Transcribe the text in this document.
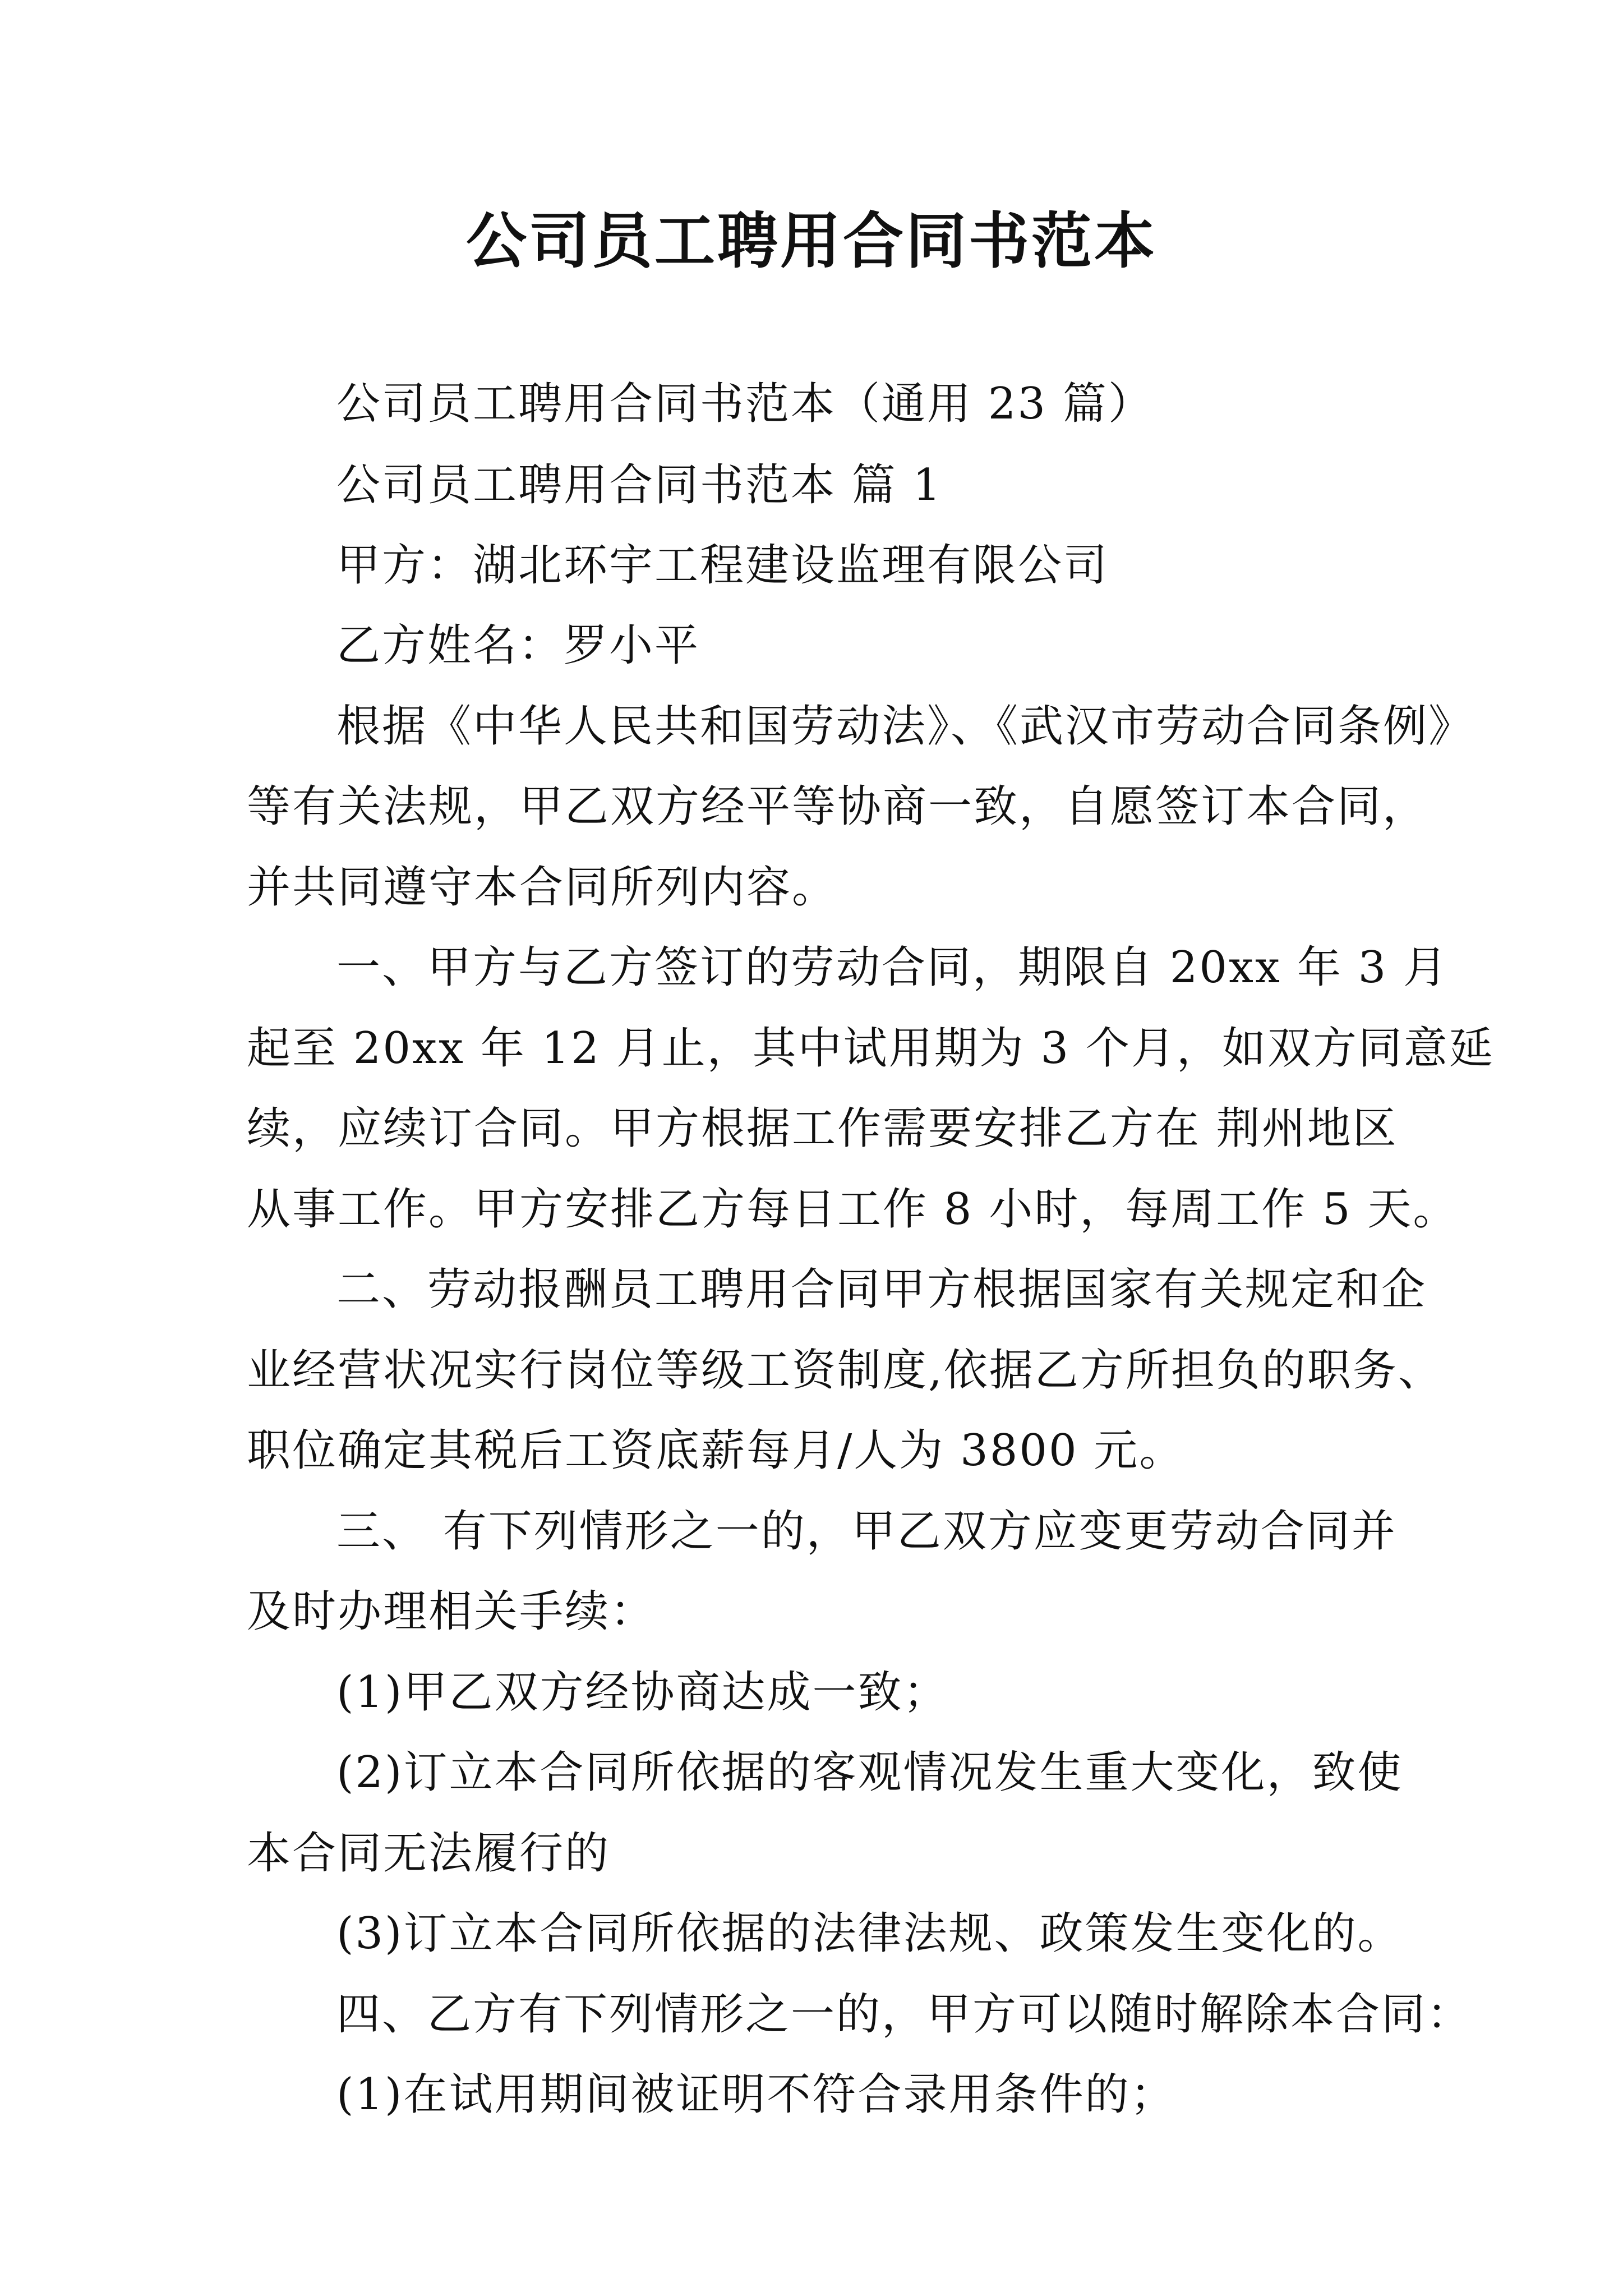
公司员工聘用合同书范本

公司员工聘用合同书范本（通用 23 篇）

公司员工聘用合同书范本 篇 1

甲方：湖北环宇工程建设监理有限公司

乙方姓名：罗小平

根据《中华人民共和国劳动法》、《武汉市劳动合同条例》

等有关法规，甲乙双方经平等协商一致，自愿签订本合同，

并共同遵守本合同所列内容。

一、甲方与乙方签订的劳动合同，期限自 20xx 年 3 月

起至 20xx 年 12 月止，其中试用期为 3 个月，如双方同意延

续，应续订合同。甲方根据工作需要安排乙方在 荆州地区

从事工作。甲方安排乙方每日工作 8 小时，每周工作 5 天。

二、劳动报酬员工聘用合同甲方根据国家有关规定和企

业经营状况实行岗位等级工资制度,依据乙方所担负的职务、

职位确定其税后工资底薪每月/人为 3800 元。

三、 有下列情形之一的，甲乙双方应变更劳动合同并

及时办理相关手续：

(1)甲乙双方经协商达成一致；

(2)订立本合同所依据的客观情况发生重大变化，致使

本合同无法履行的

(3)订立本合同所依据的法律法规、政策发生变化的。

四、乙方有下列情形之一的，甲方可以随时解除本合同：

(1)在试用期间被证明不符合录用条件的；
